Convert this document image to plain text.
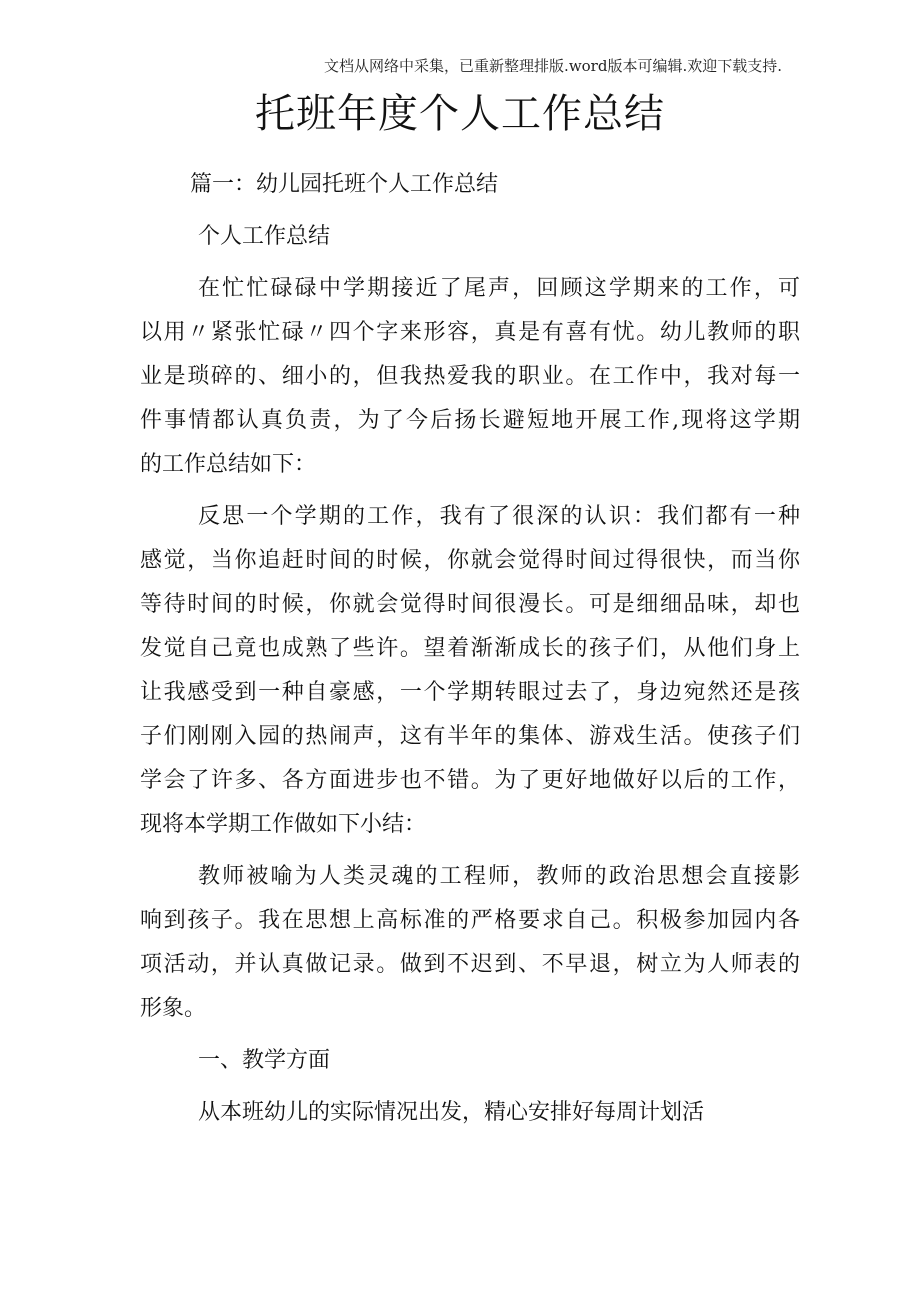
文档从网络中采集，已重新整理排版.word版本可编辑.欢迎下载支持.
托班年度个人工作总结
篇一：幼儿园托班个人工作总结
个人工作总结
在忙忙碌碌中学期接近了尾声，回顾这学期来的工作，可
以用〃紧张忙碌〃四个字来形容，真是有喜有忧。幼儿教师的职
业是琐碎的、细小的，但我热爱我的职业。在工作中，我对每一
件事情都认真负责，为了今后扬长避短地开展工作,现将这学期
的工作总结如下：
反思一个学期的工作，我有了很深的认识：我们都有一种
感觉，当你追赶时间的时候，你就会觉得时间过得很快，而当你
等待时间的时候，你就会觉得时间很漫长。可是细细品味，却也
发觉自己竟也成熟了些许。望着渐渐成长的孩子们，从他们身上
让我感受到一种自豪感，一个学期转眼过去了，身边宛然还是孩
子们刚刚入园的热闹声，这有半年的集体、游戏生活。使孩子们
学会了许多、各方面进步也不错。为了更好地做好以后的工作，
现将本学期工作做如下小结：
教师被喻为人类灵魂的工程师，教师的政治思想会直接影
响到孩子。我在思想上高标准的严格要求自己。积极参加园内各
项活动，并认真做记录。做到不迟到、不早退，树立为人师表的
形象。
一、教学方面
从本班幼儿的实际情况出发，精心安排好每周计划活
